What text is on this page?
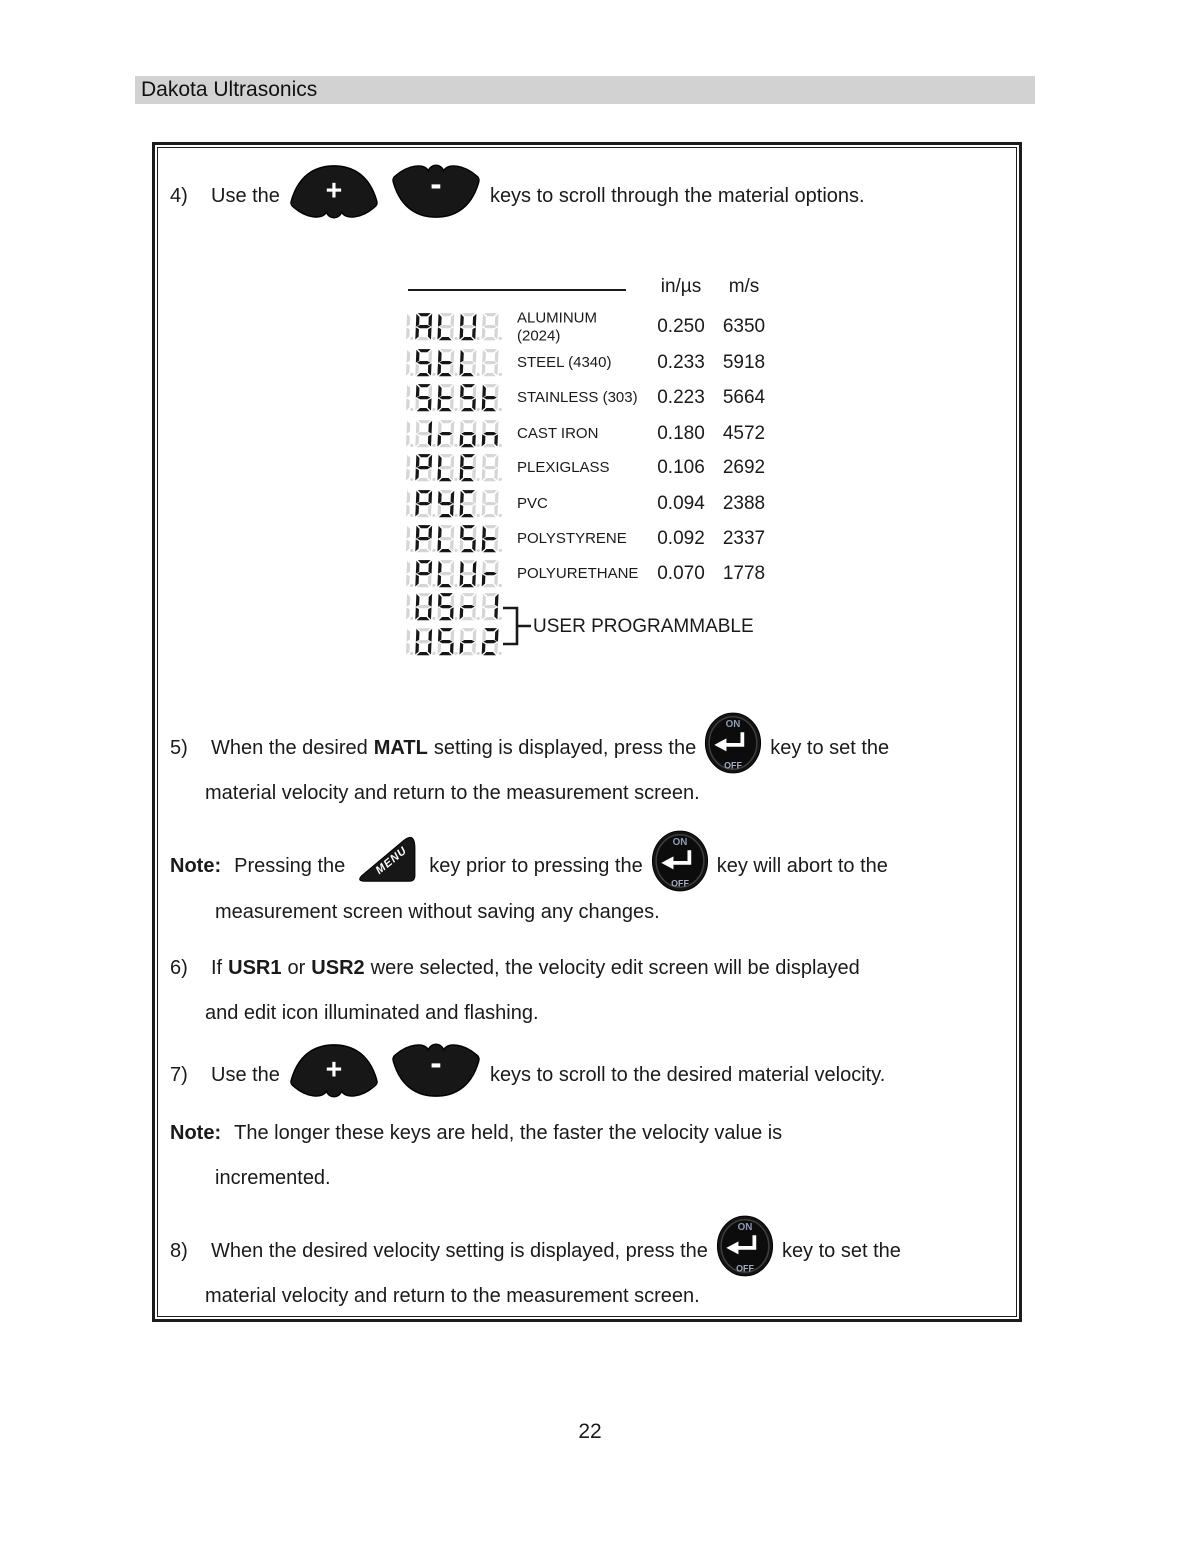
Dakota Ultrasonics
4)	Use the + - keys to scroll through the material options.
in/µs	m/s
USER PROGRAMMABLE
ALUMINUM
(2024)	0.250 6350
STEEL (4340)	0.233 5918
STAINLESS (303)	0.223 5664
CAST IRON	0.180 4572
PLEXIGLASS	0.106 2692
PVC	0.094 2388
POLYSTYRENE	0.092 2337
POLYURETHANE 0.070 1778
5)	When the desired MATL setting is displayed, press the
ON
OFF
key to set the
material velocity and return to the measurement screen.
Note: Pressing the MENU key prior to pressing the
ON
OFF
key will abort to the
measurement screen without saving any changes.
6)	If USR1 or USR2 were selected, the velocity edit screen will be displayed
and edit icon illuminated and flashing.
7)	Use the + - keys to scroll to the desired material velocity.
Note: The longer these keys are held, the faster the velocity value is
incremented.
8)	When the desired velocity setting is displayed, press the
ON
OFF
key to set the
material velocity and return to the measurement screen.
22
